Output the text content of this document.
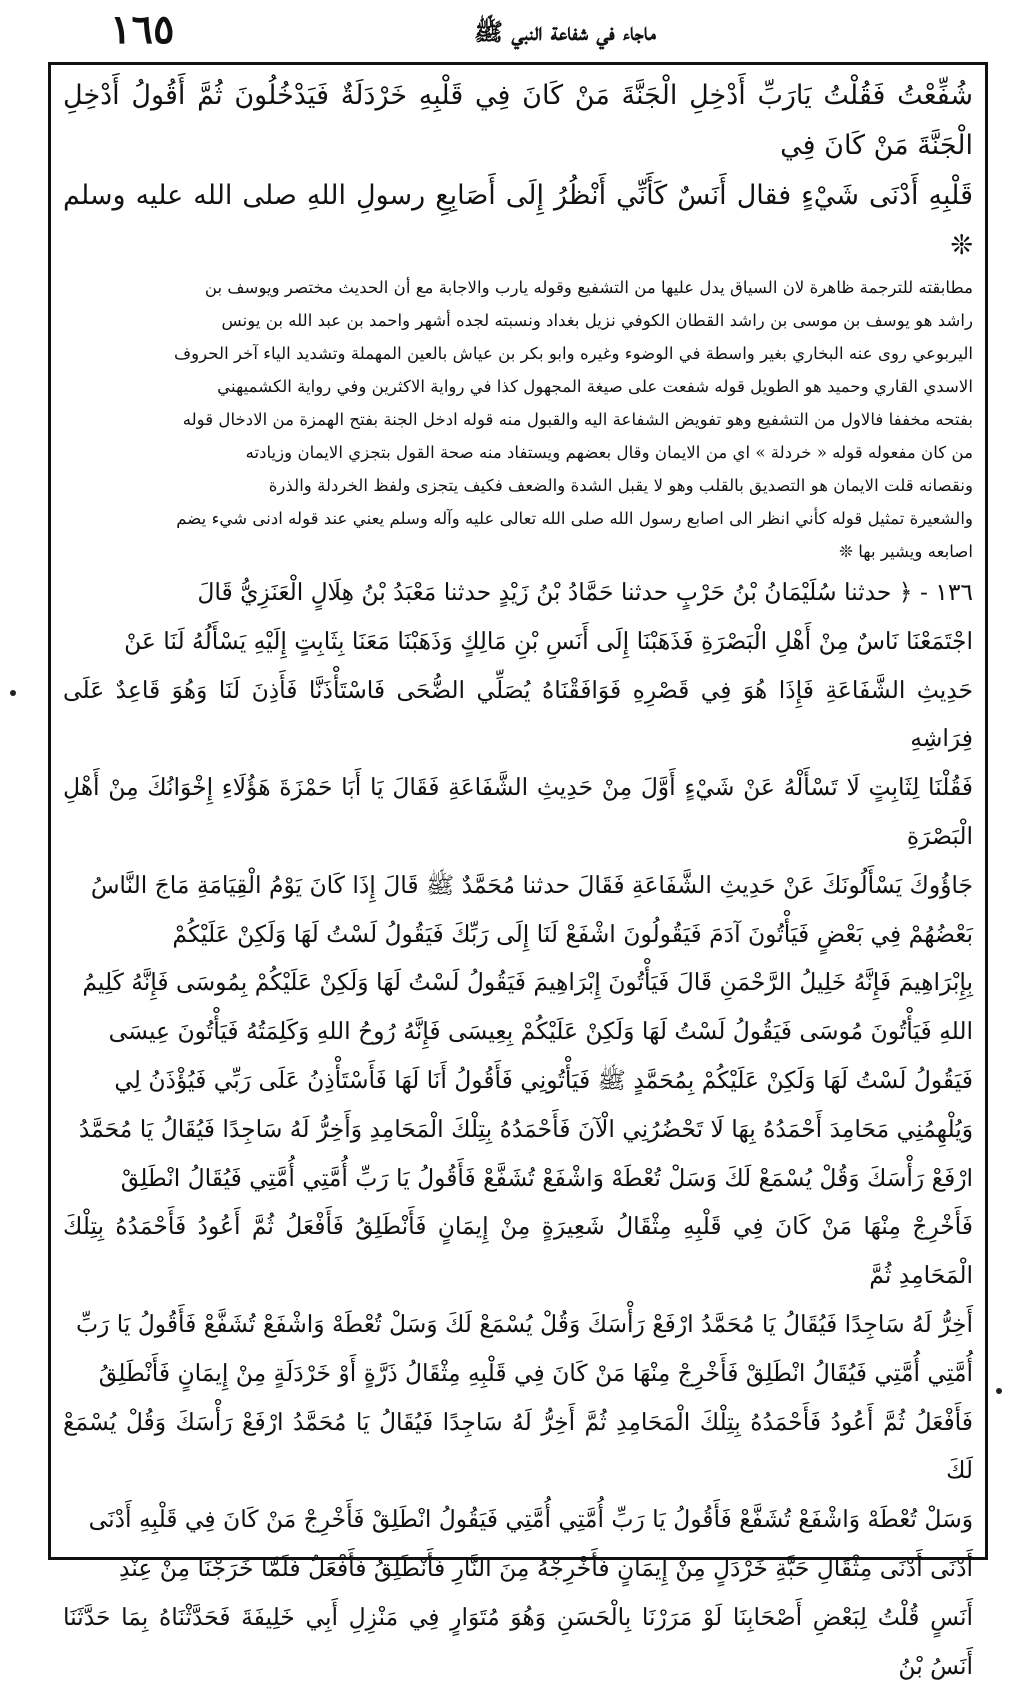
١٦٥	ماجاء في شفاعة النبي ﷺ

شُفِّعْتُ فَقُلْتُ يَارَبِّ أَدْخِلِ الْجَنَّةَ مَنْ كَانَ فِي قَلْبِهِ خَرْدَلَةٌ فَيَدْخُلُونَ ثُمَّ أَقُولُ أَدْخِلِ الْجَنَّةَ مَنْ كَانَ فِي

قَلْبِهِ أَدْنَى شَيْءٍ فقال أَنَسٌ كَأَنِّي أَنْظُرُ إِلَى أَصَابِعِ رسولِ اللهِ صلى الله عليه وسلم ❊

مطابقته للترجمة ظاهرة لان السياق يدل عليها من التشفيع وقوله يارب والاجابة مع أن الحديث مختصر ويوسف بن

راشد هو يوسف بن موسى بن راشد القطان الكوفي نزيل بغداد ونسبته لجده أشهر واحمد بن عبد الله بن يونس

اليربوعي روى عنه البخاري بغير واسطة في الوضوء وغيره وابو بكر بن عياش بالعين المهملة وتشديد الياء آخر الحروف

الاسدي القاري وحميد هو الطويل قوله شفعت على صيغة المجهول كذا في رواية الاكثرين وفي رواية الكشميهني

بفتحه مخففا فالاول من التشفيع وهو تفويض الشفاعة اليه والقبول منه قوله ادخل الجنة بفتح الهمزة من الادخال قوله

من كان مفعوله قوله « خردلة » اي من الايمان وقال بعضهم ويستفاد منه صحة القول بتجزي الايمان وزيادته

ونقصانه قلت الايمان هو التصديق بالقلب وهو لا يقبل الشدة والضعف فكيف يتجزى ولفظ الخردلة والذرة

والشعيرة تمثيل قوله كأني انظر الى اصابع رسول الله صلى الله تعالى عليه وآله وسلم يعني عند قوله ادنى شيء يضم

اصابعه ويشير بها ❊

١٣٦ - ﴿ حدثنا سُلَيْمَانُ بْنُ حَرْبٍ حدثنا حَمَّادُ بْنُ زَيْدٍ حدثنا مَعْبَدُ بْنُ هِلَالٍ الْعَنَزِيُّ قَالَ

اجْتَمَعْنَا نَاسٌ مِنْ أَهْلِ الْبَصْرَةِ فَذَهَبْنَا إِلَى أَنَسِ بْنِ مَالِكٍ وَذَهَبْنَا مَعَنَا بِثَابِتٍ إِلَيْهِ يَسْأَلُهُ لَنَا عَنْ

حَدِيثِ الشَّفَاعَةِ فَإِذَا هُوَ فِي قَصْرِهِ فَوَافَقْنَاهُ يُصَلِّي الضُّحَى فَاسْتَأْذَنَّا فَأَذِنَ لَنَا وَهُوَ قَاعِدٌ عَلَى فِرَاشِهِ

فَقُلْنَا لِثَابِتٍ لَا تَسْأَلْهُ عَنْ شَيْءٍ أَوَّلَ مِنْ حَدِيثِ الشَّفَاعَةِ فَقَالَ يَا أَبَا حَمْزَةَ هَؤُلَاءِ إِخْوَانُكَ مِنْ أَهْلِ الْبَصْرَةِ

جَاؤُوكَ يَسْأَلُونَكَ عَنْ حَدِيثِ الشَّفَاعَةِ فَقَالَ حدثنا مُحَمَّدٌ ﷺ قَالَ إِذَا كَانَ يَوْمُ الْقِيَامَةِ مَاجَ النَّاسُ

بَعْضُهُمْ فِي بَعْضٍ فَيَأْتُونَ آدَمَ فَيَقُولُونَ اشْفَعْ لَنَا إِلَى رَبِّكَ فَيَقُولُ لَسْتُ لَهَا وَلَكِنْ عَلَيْكُمْ

بِإِبْرَاهِيمَ فَإِنَّهُ خَلِيلُ الرَّحْمَنِ قَالَ فَيَأْتُونَ إِبْرَاهِيمَ فَيَقُولُ لَسْتُ لَهَا وَلَكِنْ عَلَيْكُمْ بِمُوسَى فَإِنَّهُ كَلِيمُ

اللهِ فَيَأْتُونَ مُوسَى فَيَقُولُ لَسْتُ لَهَا وَلَكِنْ عَلَيْكُمْ بِعِيسَى فَإِنَّهُ رُوحُ اللهِ وَكَلِمَتُهُ فَيَأْتُونَ عِيسَى

فَيَقُولُ لَسْتُ لَهَا وَلَكِنْ عَلَيْكُمْ بِمُحَمَّدٍ ﷺ فَيَأْتُونِي فَأَقُولُ أَنَا لَهَا فَأَسْتَأْذِنُ عَلَى رَبِّي فَيُؤْذَنُ لِي

وَيُلْهِمُنِي مَحَامِدَ أَحْمَدُهُ بِهَا لَا تَحْضُرُنِي الْآنَ فَأَحْمَدُهُ بِتِلْكَ الْمَحَامِدِ وَأَخِرُّ لَهُ سَاجِدًا فَيُقَالُ يَا مُحَمَّدُ

ارْفَعْ رَأْسَكَ وَقُلْ يُسْمَعْ لَكَ وَسَلْ تُعْطَهْ وَاشْفَعْ تُشَفَّعْ فَأَقُولُ يَا رَبِّ أُمَّتِي أُمَّتِي فَيُقَالُ انْطَلِقْ

فَأَخْرِجْ مِنْهَا مَنْ كَانَ فِي قَلْبِهِ مِثْقَالُ شَعِيرَةٍ مِنْ إِيمَانٍ فَأَنْطَلِقُ فَأَفْعَلُ ثُمَّ أَعُودُ فَأَحْمَدُهُ بِتِلْكَ الْمَحَامِدِ ثُمَّ

أَخِرُّ لَهُ سَاجِدًا فَيُقَالُ يَا مُحَمَّدُ ارْفَعْ رَأْسَكَ وَقُلْ يُسْمَعْ لَكَ وَسَلْ تُعْطَهْ وَاشْفَعْ تُشَفَّعْ فَأَقُولُ يَا رَبِّ

أُمَّتِي أُمَّتِي فَيُقَالُ انْطَلِقْ فَأَخْرِجْ مِنْهَا مَنْ كَانَ فِي قَلْبِهِ مِثْقَالُ ذَرَّةٍ أَوْ خَرْدَلَةٍ مِنْ إِيمَانٍ فَأَنْطَلِقُ

فَأَفْعَلُ ثُمَّ أَعُودُ فَأَحْمَدُهُ بِتِلْكَ الْمَحَامِدِ ثُمَّ أَخِرُّ لَهُ سَاجِدًا فَيُقَالُ يَا مُحَمَّدُ ارْفَعْ رَأْسَكَ وَقُلْ يُسْمَعْ لَكَ

وَسَلْ تُعْطَهْ وَاشْفَعْ تُشَفَّعْ فَأَقُولُ يَا رَبِّ أُمَّتِي أُمَّتِي فَيَقُولُ انْطَلِقْ فَأَخْرِجْ مَنْ كَانَ فِي قَلْبِهِ أَدْنَى

أَدْنَى أَدْنَى مِثْقَالِ حَبَّةِ خَرْدَلٍ مِنْ إِيمَانٍ فَأَخْرِجْهُ مِنَ النَّارِ فَأَنْطَلِقُ فَأَفْعَلُ فَلَمَّا خَرَجْنَا مِنْ عِنْدِ

أَنَسٍ قُلْتُ لِبَعْضِ أَصْحَابِنَا لَوْ مَرَرْنَا بِالْحَسَنِ وَهُوَ مُتَوَارٍ فِي مَنْزِلِ أَبِي خَلِيفَةَ فَحَدَّثْنَاهُ بِمَا حَدَّثَنَا أَنَسُ بْنُ
